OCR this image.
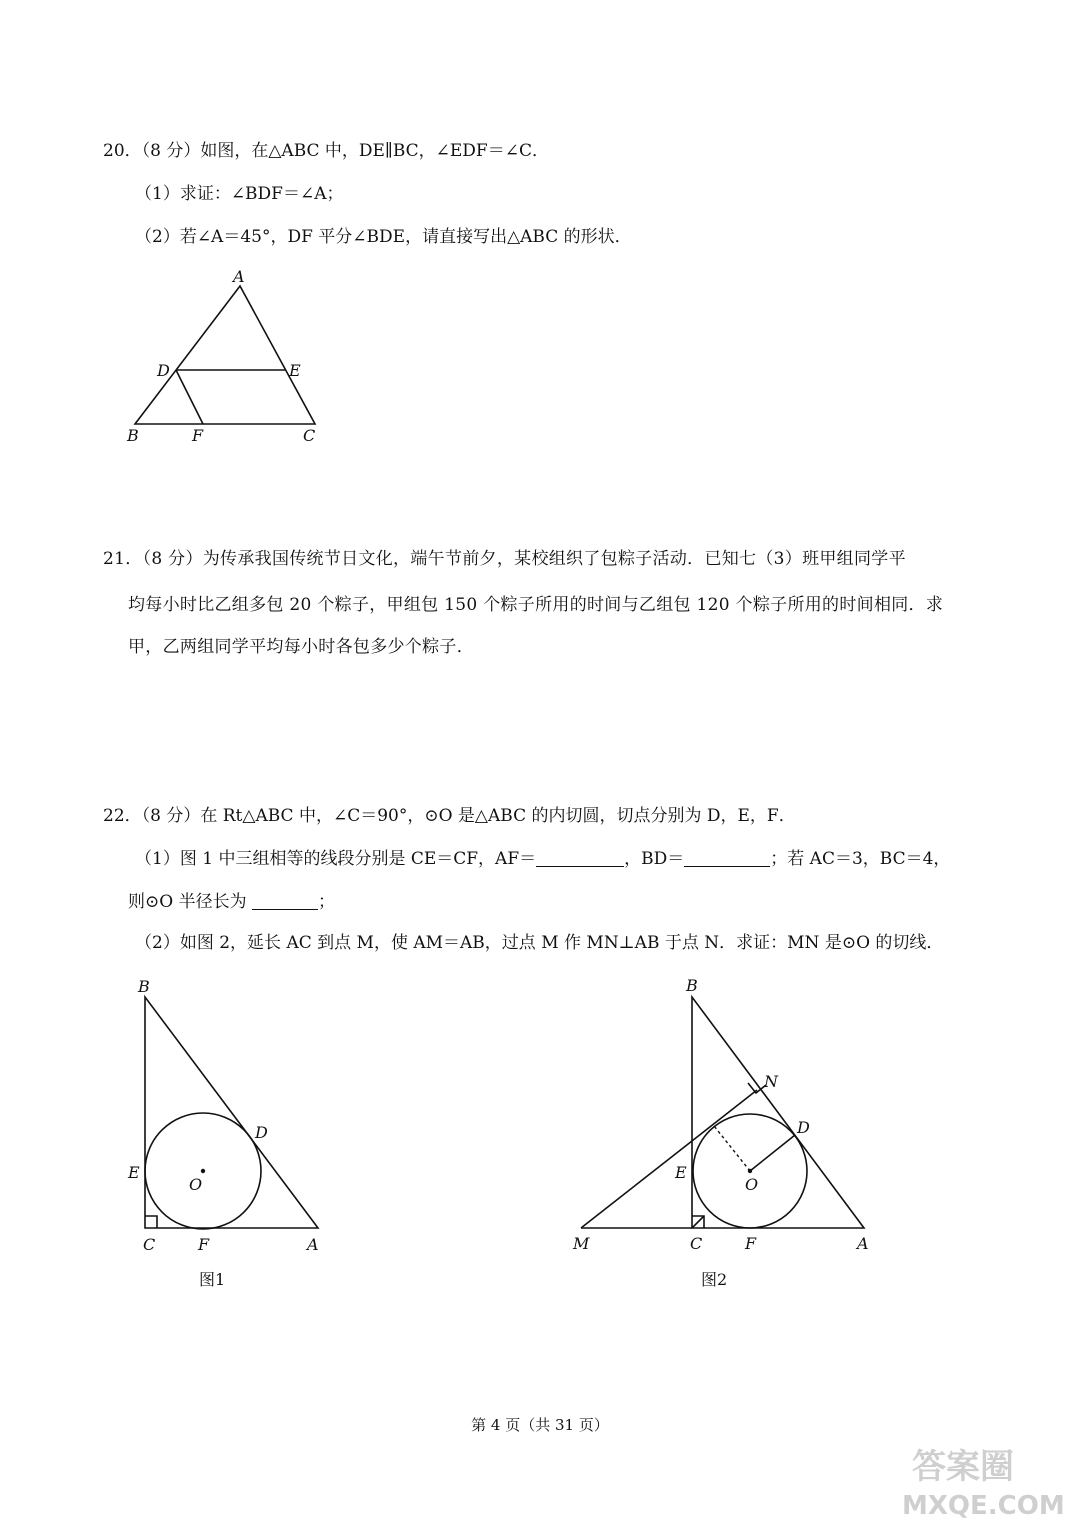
20．（8 分）如图，在△ABC 中，DE∥BC，∠EDF＝∠C．
（1）求证：∠BDF＝∠A；
（2）若∠A＝45°，DF 平分∠BDE，请直接写出△ABC 的形状．
A
D	E
B	F	C
21．（8 分）为传承我国传统节日文化，端午节前夕，某校组织了包粽子活动．已知七（3）班甲组同学平
均每小时比乙组多包 20 个粽子，甲组包 150 个粽子所用的时间与乙组包 120 个粽子所用的时间相同．求
甲，乙两组同学平均每小时各包多少个粽子．
22．（8 分）在 Rt△ABC 中，∠C＝90°，⊙O 是△ABC 的内切圆，切点分别为 D，E，F．
（1）图 1 中三组相等的线段分别是 CE＝CF，AF＝	，BD＝	；若 AC＝3，BC＝4，
则⊙O 半径长为	；
（2）如图 2，延长 AC 到点 M，使 AM＝AB，过点 M 作 MN⊥AB 于点 N．求证：MN 是⊙O 的切线．
B
D
E
O
C	F	A
图1
B
N
D
E
O
M	C	F	A
图2
第 4 页（共 31 页）
答案圈
MXQE.COM
